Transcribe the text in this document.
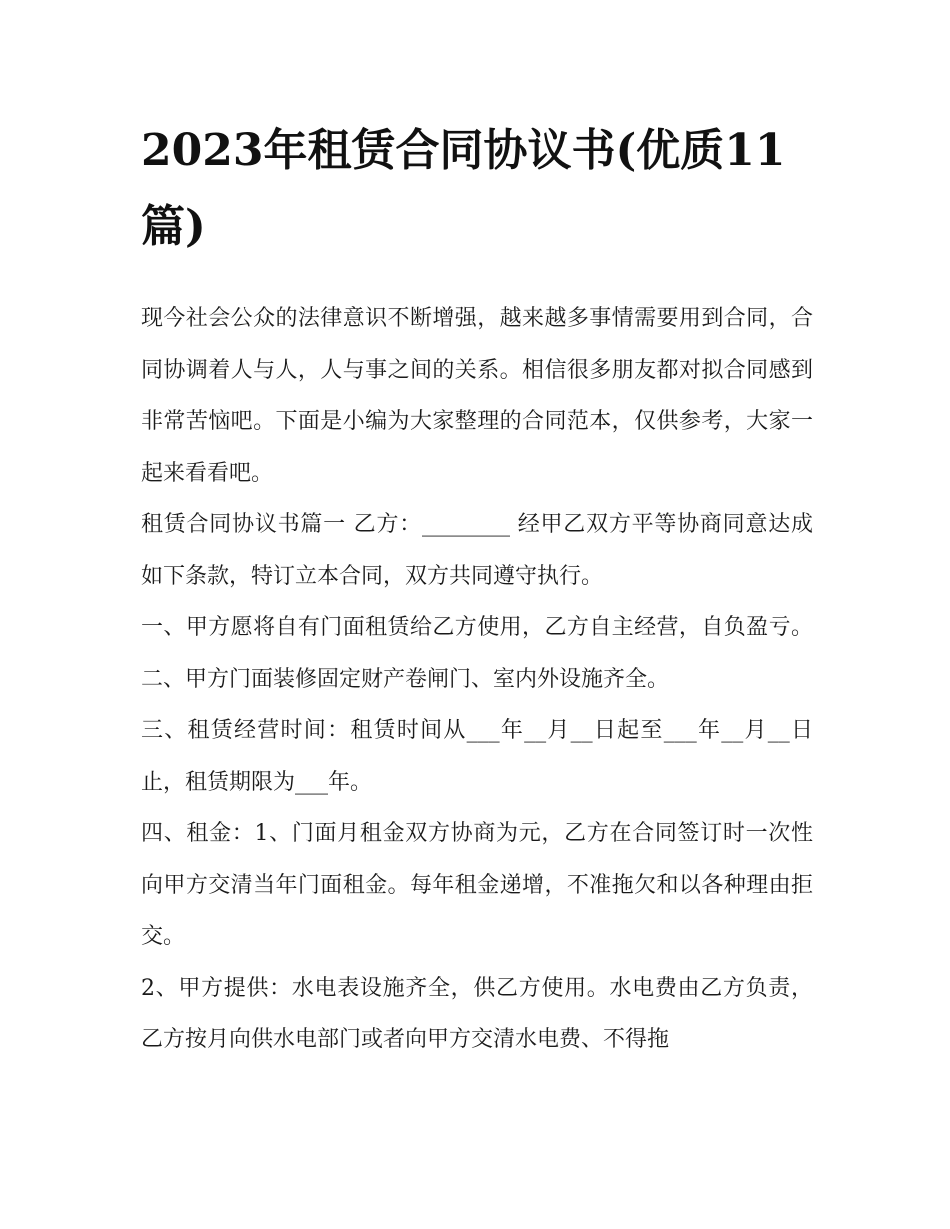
2023年租赁合同协议书(优质11篇)

现今社会公众的法律意识不断增强，越来越多事情需要用到合同，合同协调着人与人，人与事之间的关系。相信很多朋友都对拟合同感到非常苦恼吧。下面是小编为大家整理的合同范本，仅供参考，大家一起来看看吧。

租赁合同协议书篇一 乙方：________ 经甲乙双方平等协商同意达成如下条款，特订立本合同，双方共同遵守执行。

一、甲方愿将自有门面租赁给乙方使用，乙方自主经营，自负盈亏。 二、甲方门面装修固定财产卷闸门、室内外设施齐全。

三、租赁经营时间：租赁时间从___年__月__日起至___年__月__日止，租赁期限为___年。

四、租金：1、门面月租金双方协商为元，乙方在合同签订时一次性向甲方交清当年门面租金。每年租金递增，不准拖欠和以各种理由拒交。

2、甲方提供：水电表设施齐全，供乙方使用。水电费由乙方负责，乙方按月向供水电部门或者向甲方交清水电费、不得拖
